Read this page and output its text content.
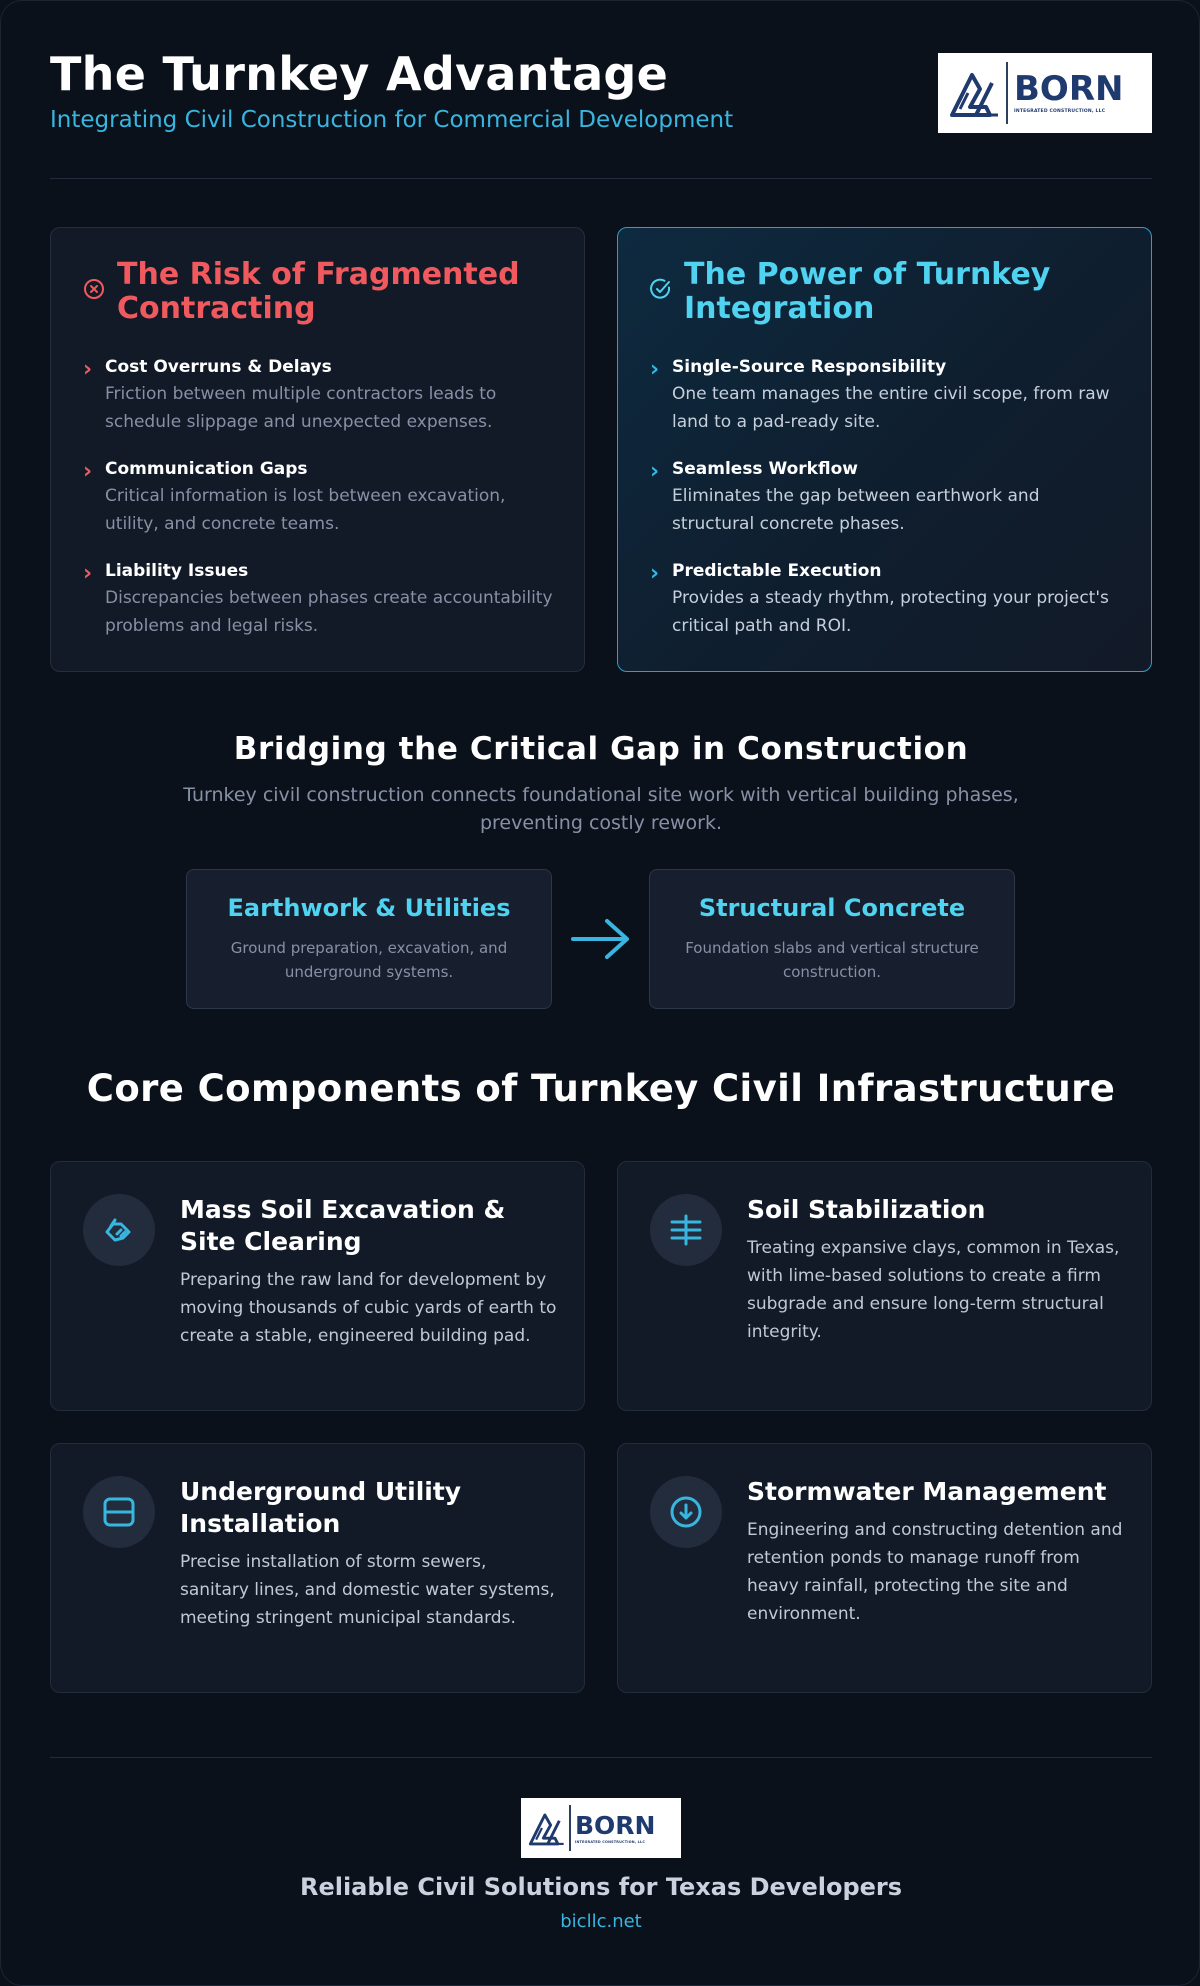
The Turnkey Advantage
Integrating Civil Construction for Commercial Development
BORN
INTEGRATED CONSTRUCTION, LLC
The Risk of Fragmented Contracting
› Cost Overruns & Delays
Friction between multiple contractors leads to schedule slippage and unexpected expenses.
› Communication Gaps
Critical information is lost between excavation, utility, and concrete teams.
› Liability Issues
Discrepancies between phases create accountability problems and legal risks.
The Power of Turnkey Integration
› Single-Source Responsibility
One team manages the entire civil scope, from raw land to a pad-ready site.
› Seamless Workflow
Eliminates the gap between earthwork and structural concrete phases.
› Predictable Execution
Provides a steady rhythm, protecting your project's critical path and ROI.
Bridging the Critical Gap in Construction
Turnkey civil construction connects foundational site work with vertical building phases, preventing costly rework.
Earthwork & Utilities
Ground preparation, excavation, and underground systems.
Structural Concrete
Foundation slabs and vertical structure construction.
Core Components of Turnkey Civil Infrastructure
Mass Soil Excavation & Site Clearing
Preparing the raw land for development by moving thousands of cubic yards of earth to create a stable, engineered building pad.
Soil Stabilization
Treating expansive clays, common in Texas, with lime-based solutions to create a firm subgrade and ensure long-term structural integrity.
Underground Utility Installation
Precise installation of storm sewers, sanitary lines, and domestic water systems, meeting stringent municipal standards.
Stormwater Management
Engineering and constructing detention and retention ponds to manage runoff from heavy rainfall, protecting the site and environment.
BORN
INTEGRATED CONSTRUCTION, LLC
Reliable Civil Solutions for Texas Developers
bicllc.net
